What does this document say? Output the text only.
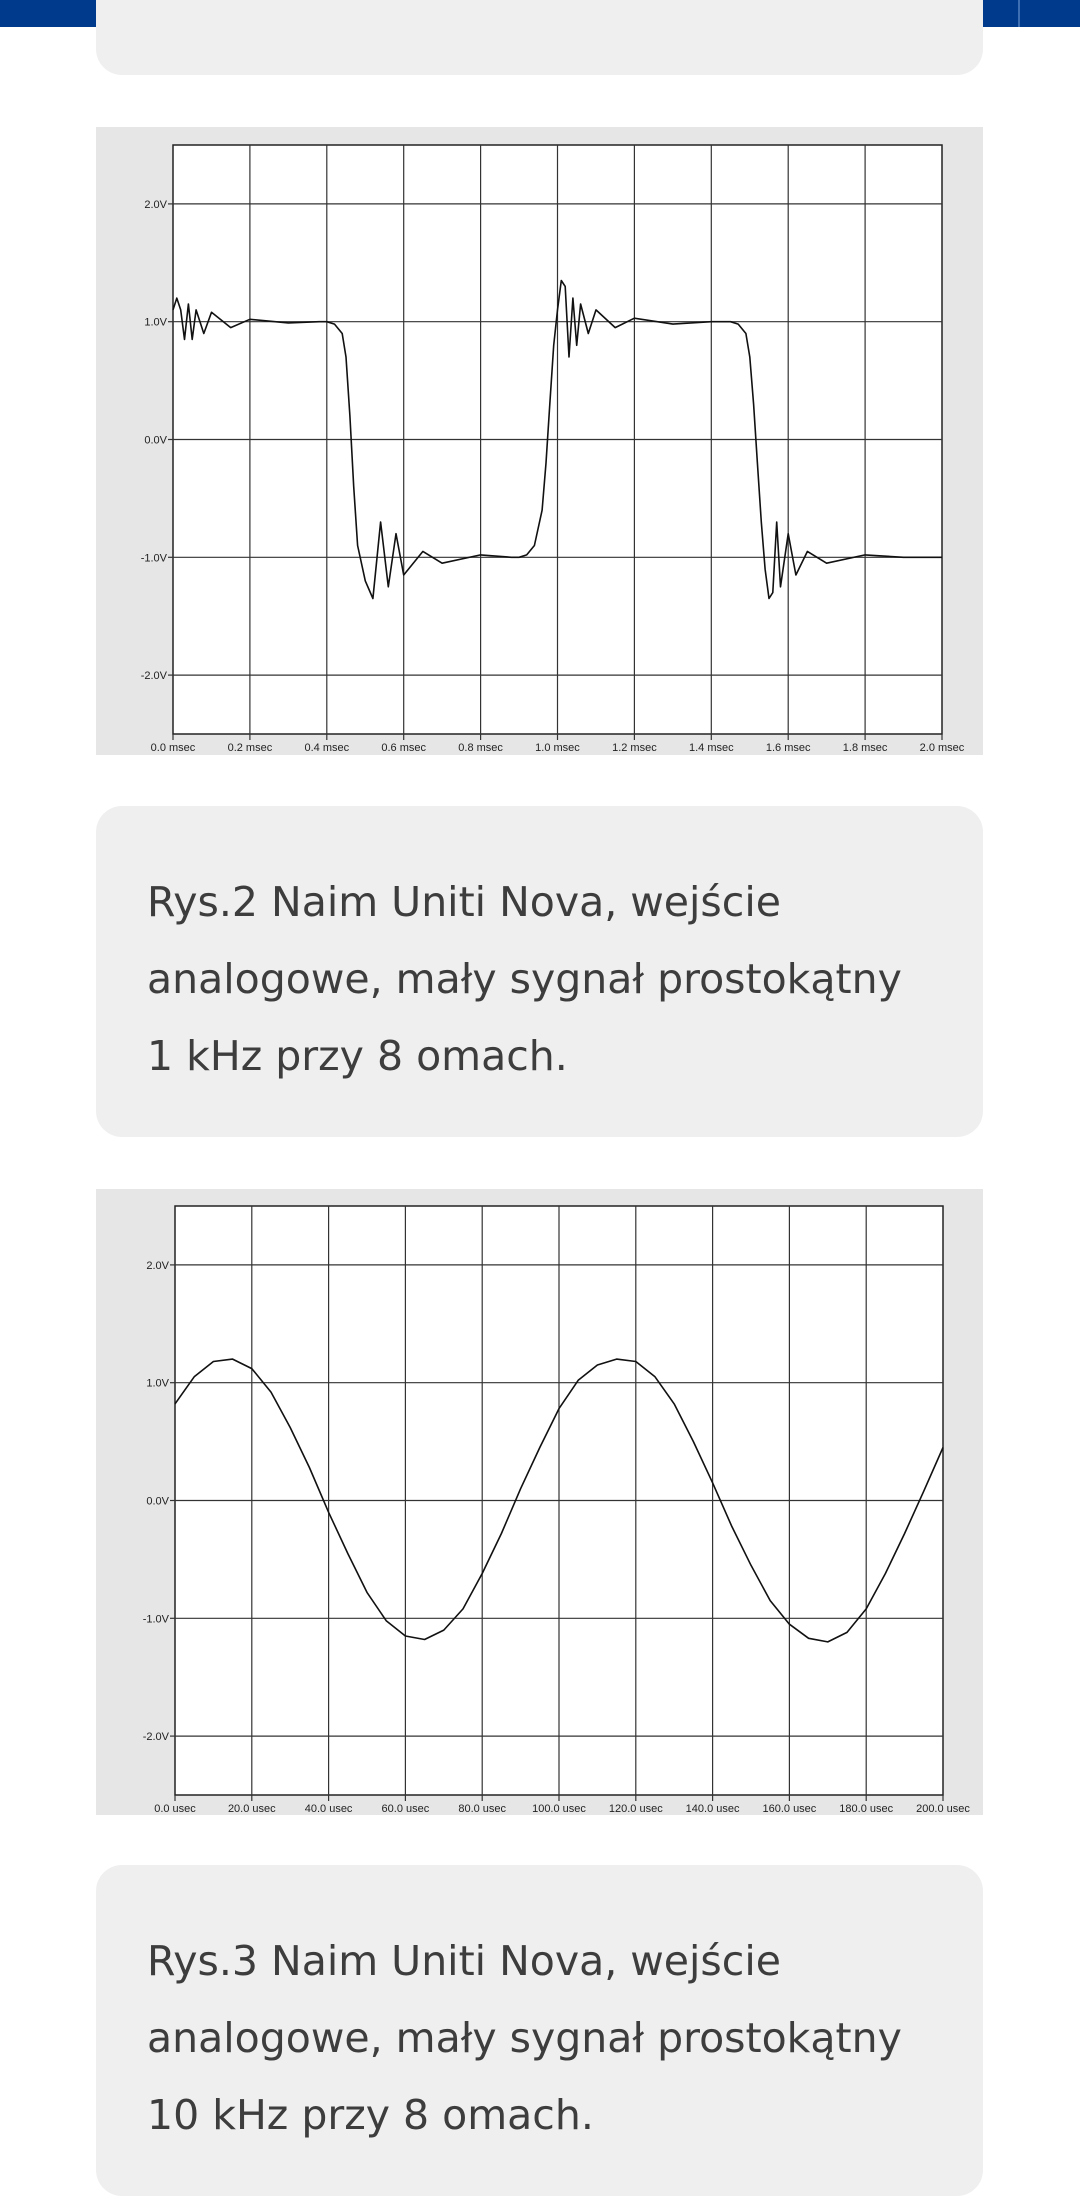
0.0 msec	0.2 msec	0.4 msec	0.6 msec	0.8 msec	1.0 msec	1.2 msec	1.4 msec	1.6 msec	1.8 msec	2.0 msec
2.0V
1.0V
0.0V
-1.0V
-2.0V

Rys.2 Naim Uniti Nova, wejście analogowe, mały sygnał prostokątny 1 kHz przy 8 omach.

0.0 usec	20.0 usec	40.0 usec	60.0 usec	80.0 usec 100.0 usec 120.0 usec 140.0 usec 160.0 usec 180.0 usec 200.0 usec
2.0V
1.0V
0.0V
-1.0V
-2.0V

Rys.3 Naim Uniti Nova, wejście analogowe, mały sygnał prostokątny 10 kHz przy 8 omach.
